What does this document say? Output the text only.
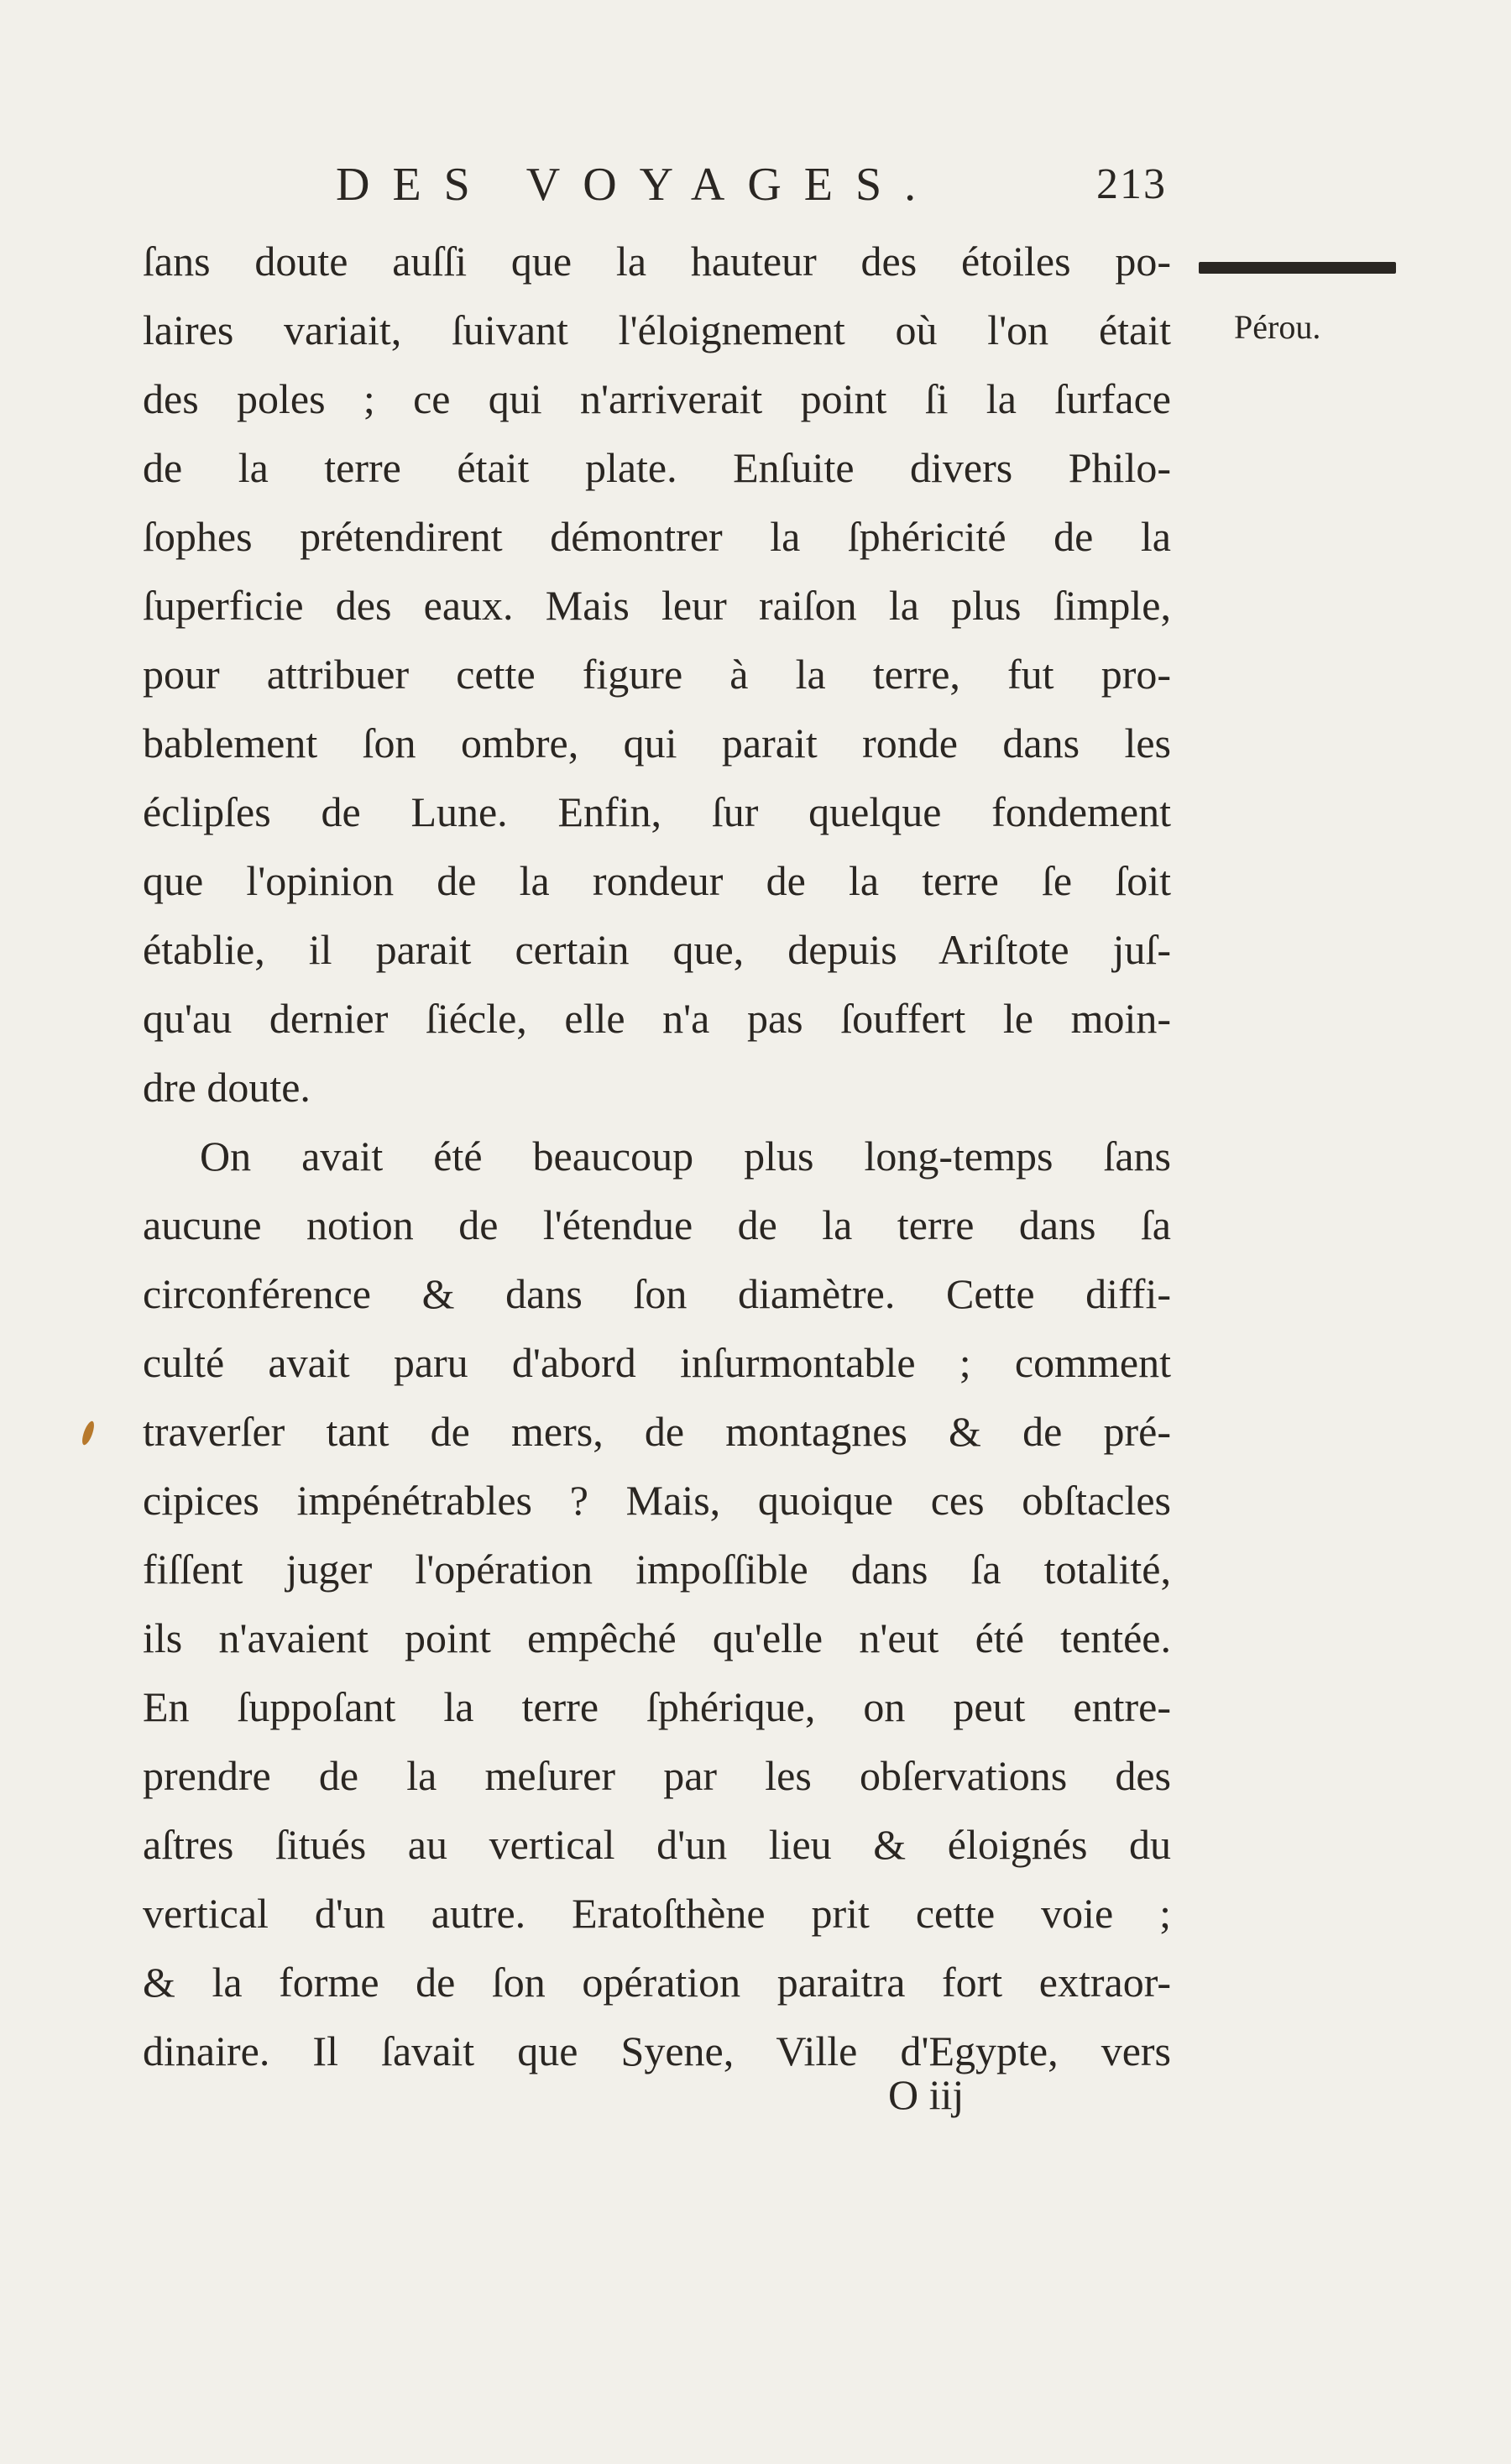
DES VOYAGES.	213
Pérou.
ſans doute auſſi que la hauteur des étoiles po-
laires variait, ſuivant l'éloignement où l'on était
des poles ; ce qui n'arriverait point ſi la ſurface
de la terre était plate. Enſuite divers Philo-
ſophes prétendirent démontrer la ſphéricité de la
ſuperficie des eaux. Mais leur raiſon la plus ſimple,
pour attribuer cette figure à la terre, fut pro-
bablement ſon ombre, qui parait ronde dans les
éclipſes de Lune. Enfin, ſur quelque fondement
que l'opinion de la rondeur de la terre ſe ſoit
établie, il parait certain que, depuis Ariſtote juſ-
qu'au dernier ſiécle, elle n'a pas ſouffert le moin-
dre doute.
On avait été beaucoup plus long-temps ſans
aucune notion de l'étendue de la terre dans ſa
circonférence & dans ſon diamètre. Cette diffi-
culté avait paru d'abord inſurmontable ; comment
traverſer tant de mers, de montagnes & de pré-
cipices impénétrables ? Mais, quoique ces obſtacles
fiſſent juger l'opération impoſſible dans ſa totalité,
ils n'avaient point empêché qu'elle n'eut été tentée.
En ſuppoſant la terre ſphérique, on peut entre-
prendre de la meſurer par les obſervations des
aſtres ſitués au vertical d'un lieu & éloignés du
vertical d'un autre. Eratoſthène prit cette voie ;
& la forme de ſon opération paraitra fort extraor-
dinaire. Il ſavait que Syene, Ville d'Egypte, vers
O iij
